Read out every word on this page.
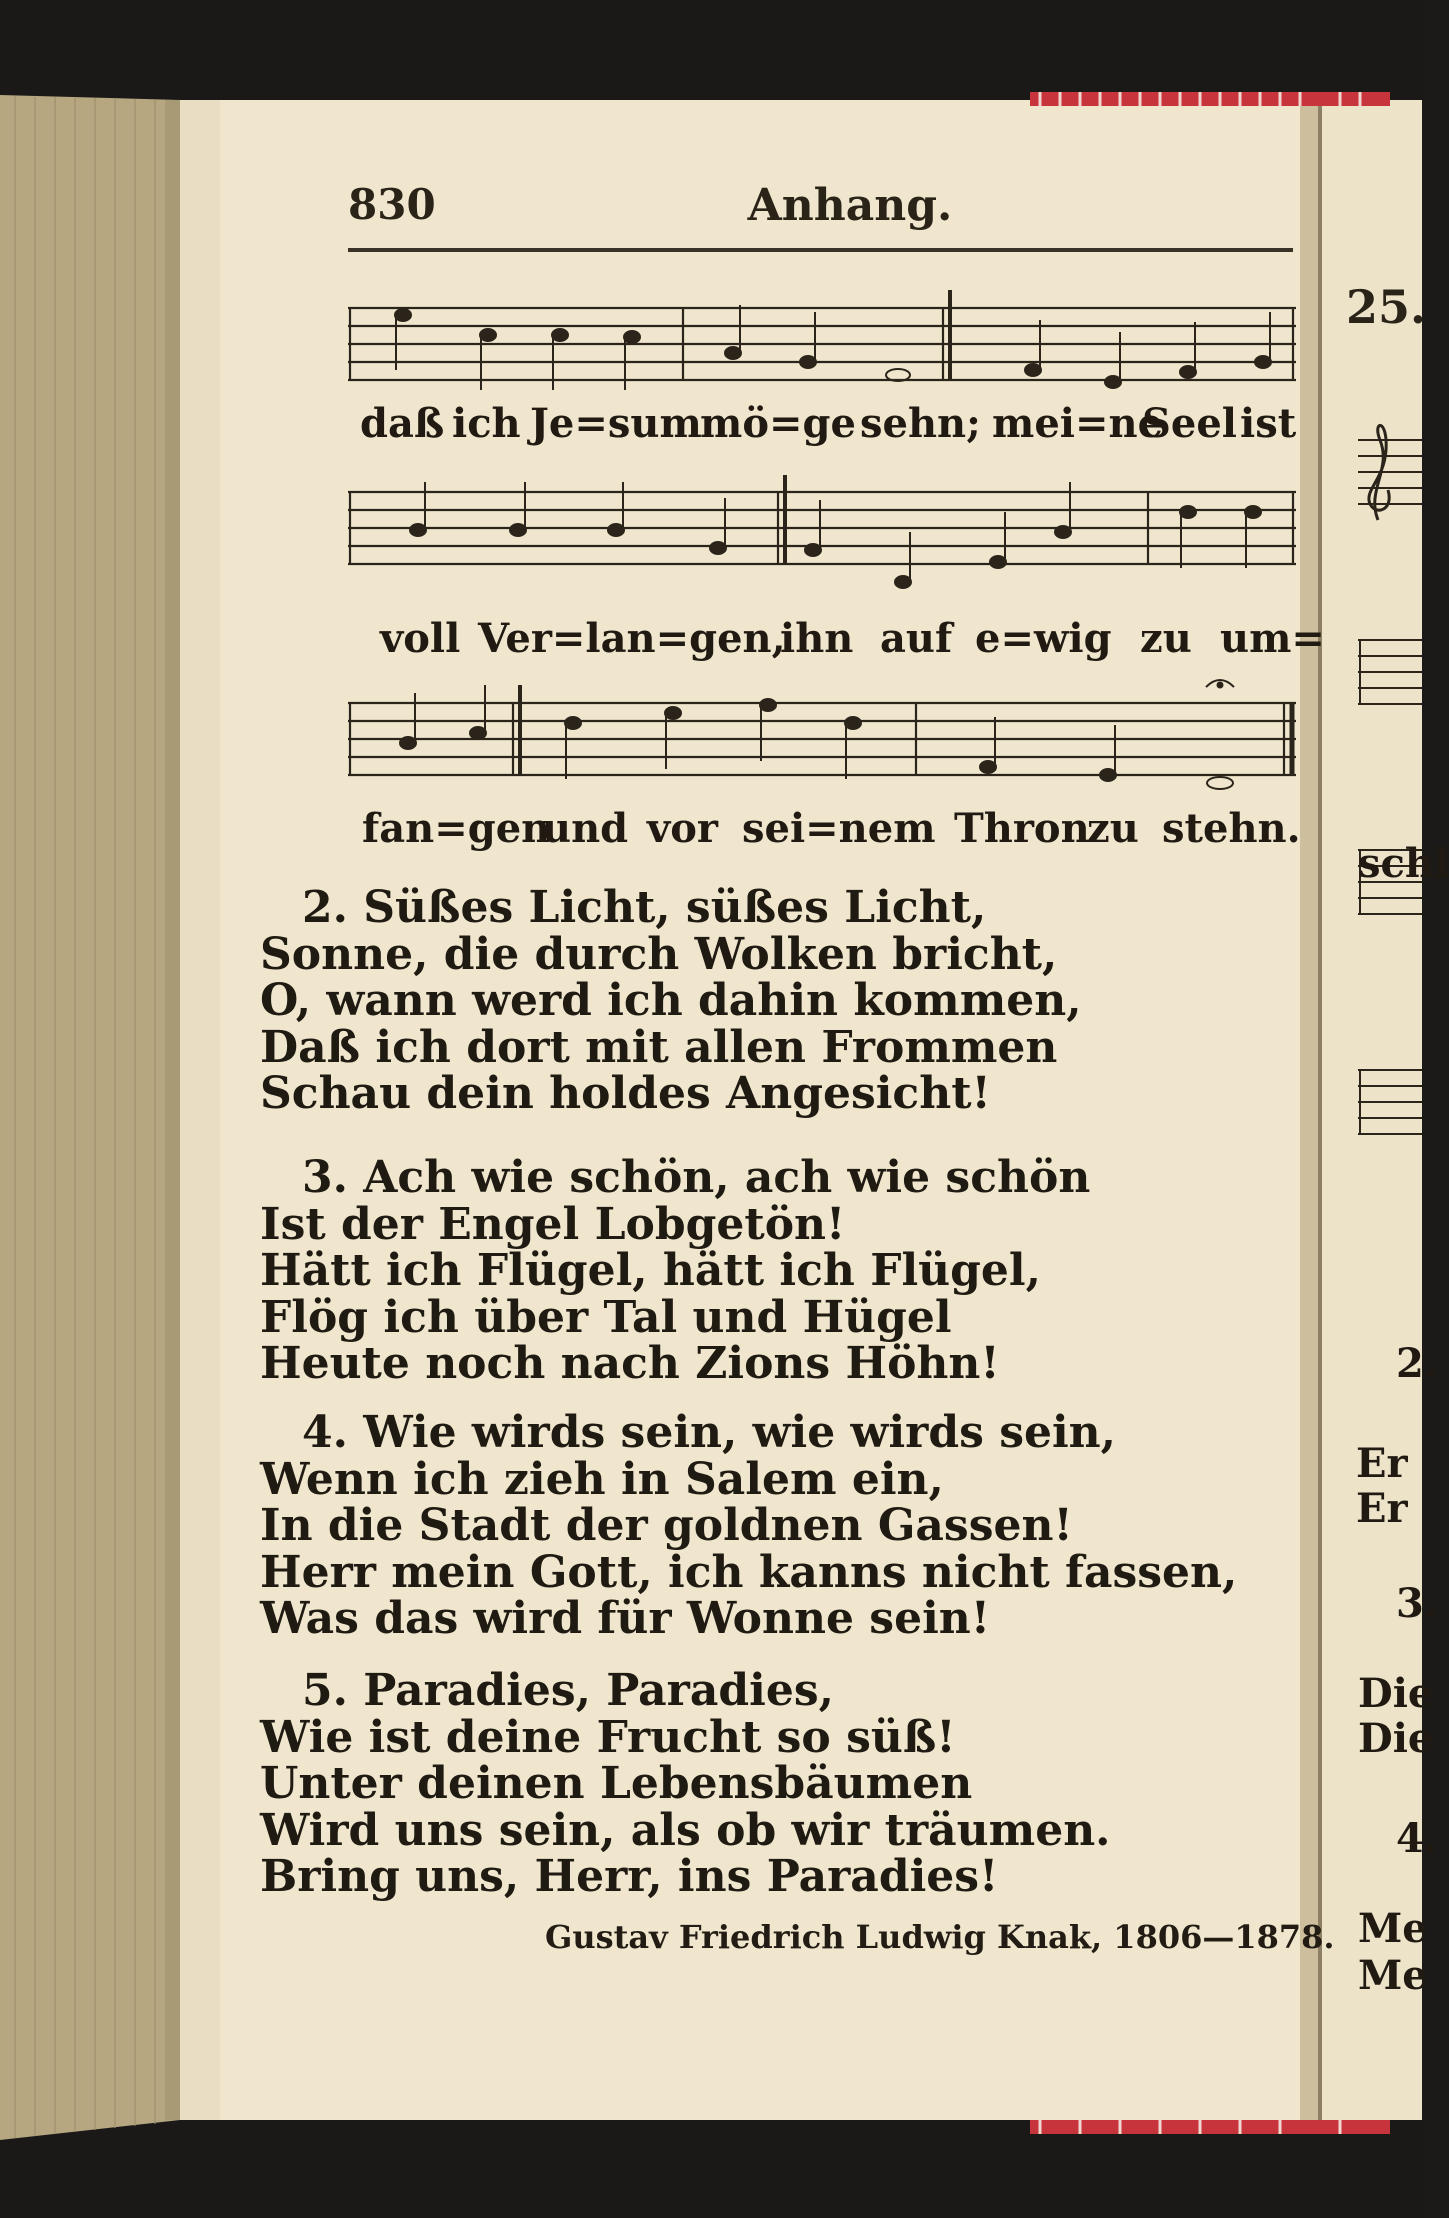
830	Anhang.
daß ich Je=sum
mö=ge sehn; mei=ne
Seel ist
voll Ver=lan=gen,
ihn auf e=wig zu um=
fan=gen
und vor sei=nem Thron
zu stehn.
2. Süßes Licht, süßes Licht,
Sonne, die durch Wolken bricht,
O, wann werd ich dahin kommen,
Daß ich dort mit allen Frommen
Schau dein holdes Angesicht!
3. Ach wie schön, ach wie schön
Ist der Engel Lobgetön!
Hätt ich Flügel, hätt ich Flügel,
Flög ich über Tal und Hügel
Heute noch nach Zions Höhn!
4. Wie wirds sein, wie wirds sein,
Wenn ich zieh in Salem ein,
In die Stadt der goldnen Gassen!
Herr mein Gott, ich kanns nicht fassen,
Was das wird für Wonne sein!
5. Paradies, Paradies,
Wie ist deine Frucht so süß!
Unter deinen Lebensbäumen
Wird uns sein, als ob wir träumen.
Bring uns, Herr, ins Paradies!
Gustav Friedrich Ludwig Knak, 1806—1878.
25.
schl
2.
Er
Er
3.
Die
Die
4.
Me
Me
